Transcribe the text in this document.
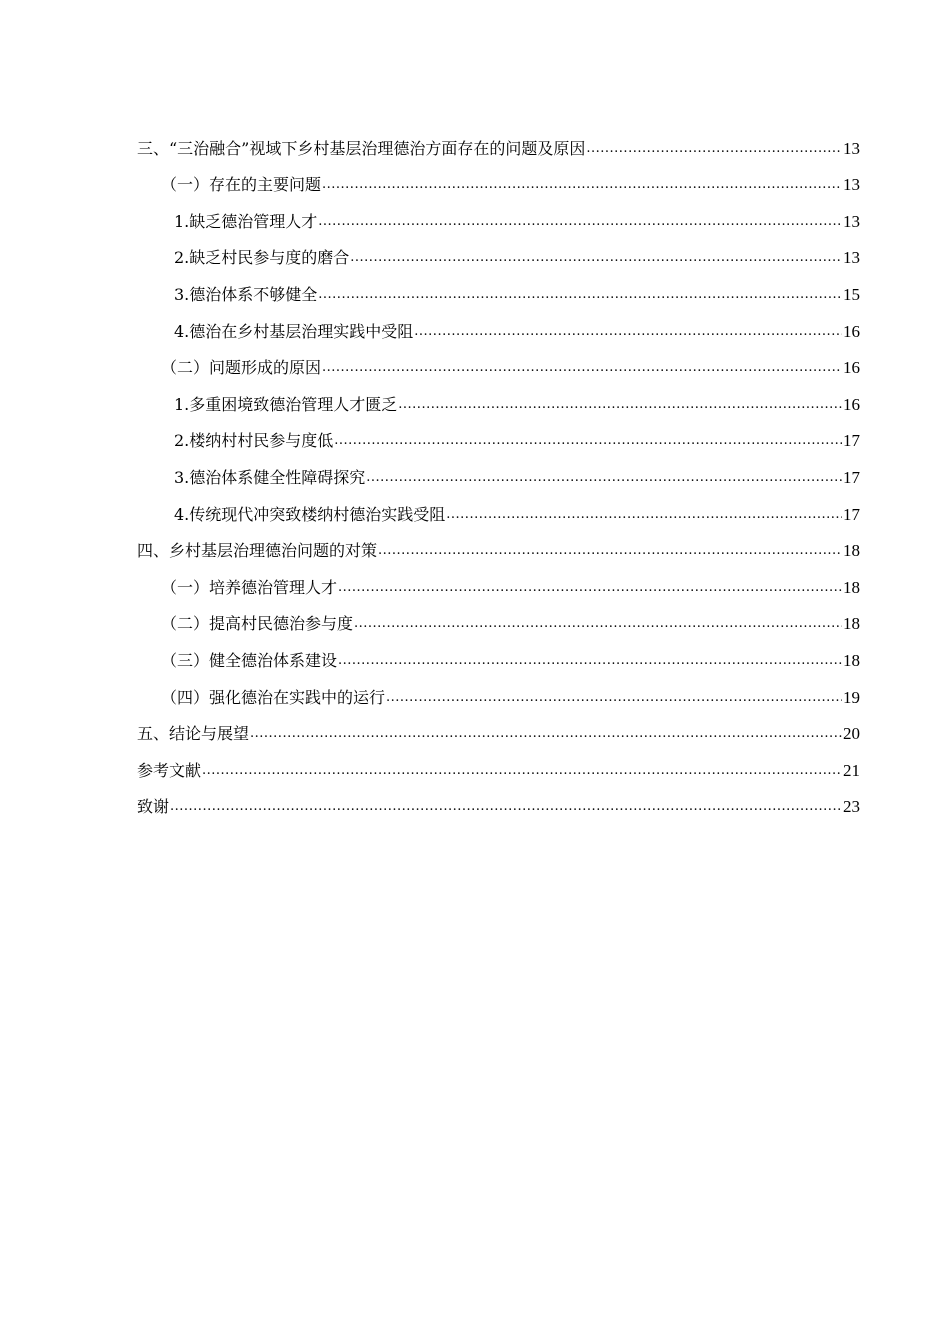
三、“三治融合”视域下乡村基层治理德治方面存在的问题及原因 .....	13
（一）存在的主要问题 .....	13
1.缺乏德治管理人才 .....	13
2.缺乏村民参与度的磨合 .....	13
3.德治体系不够健全 .....	15
4.德治在乡村基层治理实践中受阻 .....	16
（二）问题形成的原因 .....	16
1.多重困境致德治管理人才匮乏 .....	16
2.楼纳村村民参与度低 .....	17
3.德治体系健全性障碍探究 .....	17
4.传统现代冲突致楼纳村德治实践受阻 .....	17
四、乡村基层治理德治问题的对策 .....	18
（一）培养德治管理人才 .....	18
（二）提高村民德治参与度 .....	18
（三）健全德治体系建设 .....	18
（四）强化德治在实践中的运行 .....	19
五、结论与展望 .....	20
参考文献 .....	21
致谢 .....	23
